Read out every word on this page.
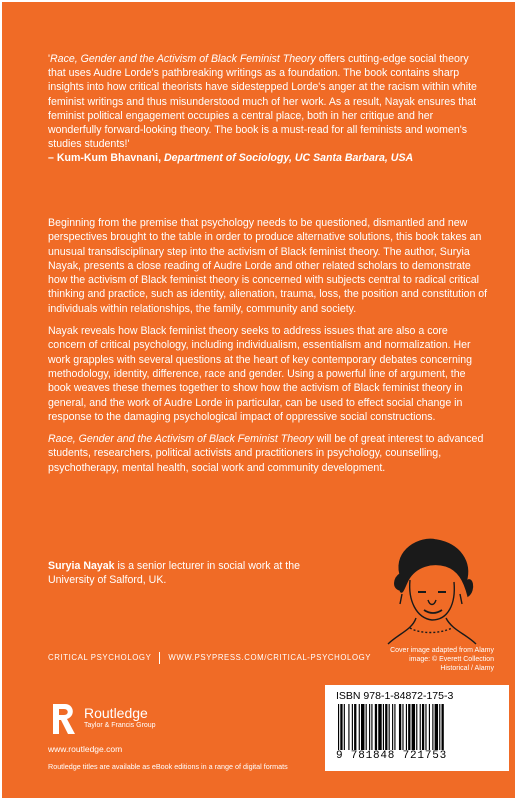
'Race, Gender and the Activism of Black Feminist Theory offers cutting-edge social theory that uses Audre Lorde's pathbreaking writings as a foundation. The book contains sharp insights into how critical theorists have sidestepped Lorde's anger at the racism within white feminist writings and thus misunderstood much of her work. As a result, Nayak ensures that feminist political engagement occupies a central place, both in her critique and her wonderfully forward-looking theory. The book is a must-read for all feminists and women's studies students!'
– Kum-Kum Bhavnani, Department of Sociology, UC Santa Barbara, USA

Beginning from the premise that psychology needs to be questioned, dismantled and new perspectives brought to the table in order to produce alternative solutions, this book takes an unusual transdisciplinary step into the activism of Black feminist theory. The author, Suryia Nayak, presents a close reading of Audre Lorde and other related scholars to demonstrate how the activism of Black feminist theory is concerned with subjects central to radical critical thinking and practice, such as identity, alienation, trauma, loss, the position and constitution of individuals within relationships, the family, community and society.

Nayak reveals how Black feminist theory seeks to address issues that are also a core concern of critical psychology, including individualism, essentialism and normalization. Her work grapples with several questions at the heart of key contemporary debates concerning methodology, identity, difference, race and gender. Using a powerful line of argument, the book weaves these themes together to show how the activism of Black feminist theory in general, and the work of Audre Lorde in particular, can be used to effect social change in response to the damaging psychological impact of oppressive social constructions.

Race, Gender and the Activism of Black Feminist Theory will be of great interest to advanced students, researchers, political activists and practitioners in psychology, counselling, psychotherapy, mental health, social work and community development.

Suryia Nayak is a senior lecturer in social work at the University of Salford, UK.
CRITICAL PSYCHOLOGY WWW.PSYPRESS.COM/CRITICAL-PSYCHOLOGY
Cover image adapted from Alamy image: © Everett Collection Historical / Alamy
ISBN 978-1-84872-175-3
9 781848 721753
Routledge
Taylor & Francis Group
www.routledge.com
Routledge titles are available as eBook editions in a range of digital formats	an informa busi
